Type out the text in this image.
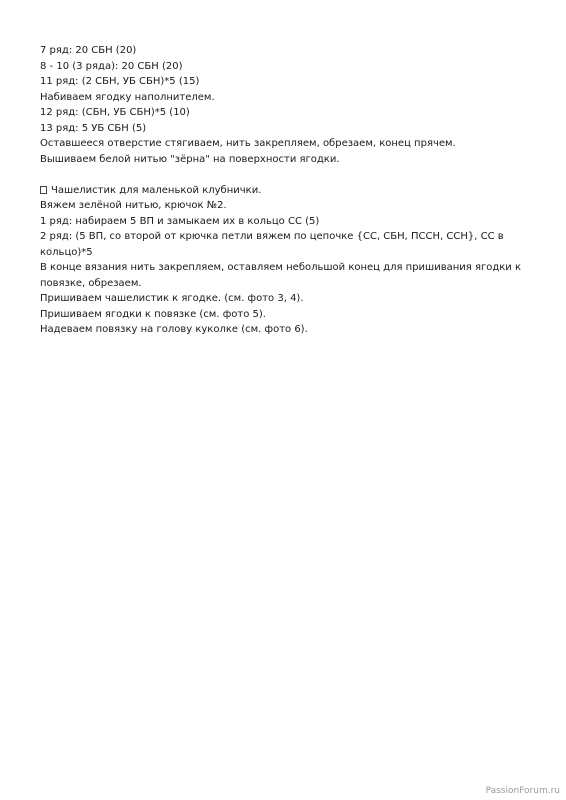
7 ряд: 20 СБН (20)
8 - 10 (3 ряда): 20 СБН (20)
11 ряд: (2 СБН, УБ СБН)*5 (15)
Набиваем ягодку наполнителем.
12 ряд: (СБН, УБ СБН)*5 (10)
13 ряд: 5 УБ СБН (5)
Оставшееся отверстие стягиваем, нить закрепляем, обрезаем, конец прячем.
Вышиваем белой нитью "зёрна" на поверхности ягодки.
Чашелистик для маленькой клубнички.
Вяжем зелёной нитью, крючок №2.
1 ряд: набираем 5 ВП и замыкаем их в кольцо СС (5)
2 ряд: (5 ВП, со второй от крючка петли вяжем по цепочке {СС, СБН, ПССН, ССН}, СС в
кольцо)*5
В конце вязания нить закрепляем, оставляем небольшой конец для пришивания ягодки к
повязке, обрезаем.
Пришиваем чашелистик к ягодке. (см. фото 3, 4).
Пришиваем ягодки к повязке (см. фото 5).
Надеваем повязку на голову куколке (см. фото 6).
PassionForum.ru
